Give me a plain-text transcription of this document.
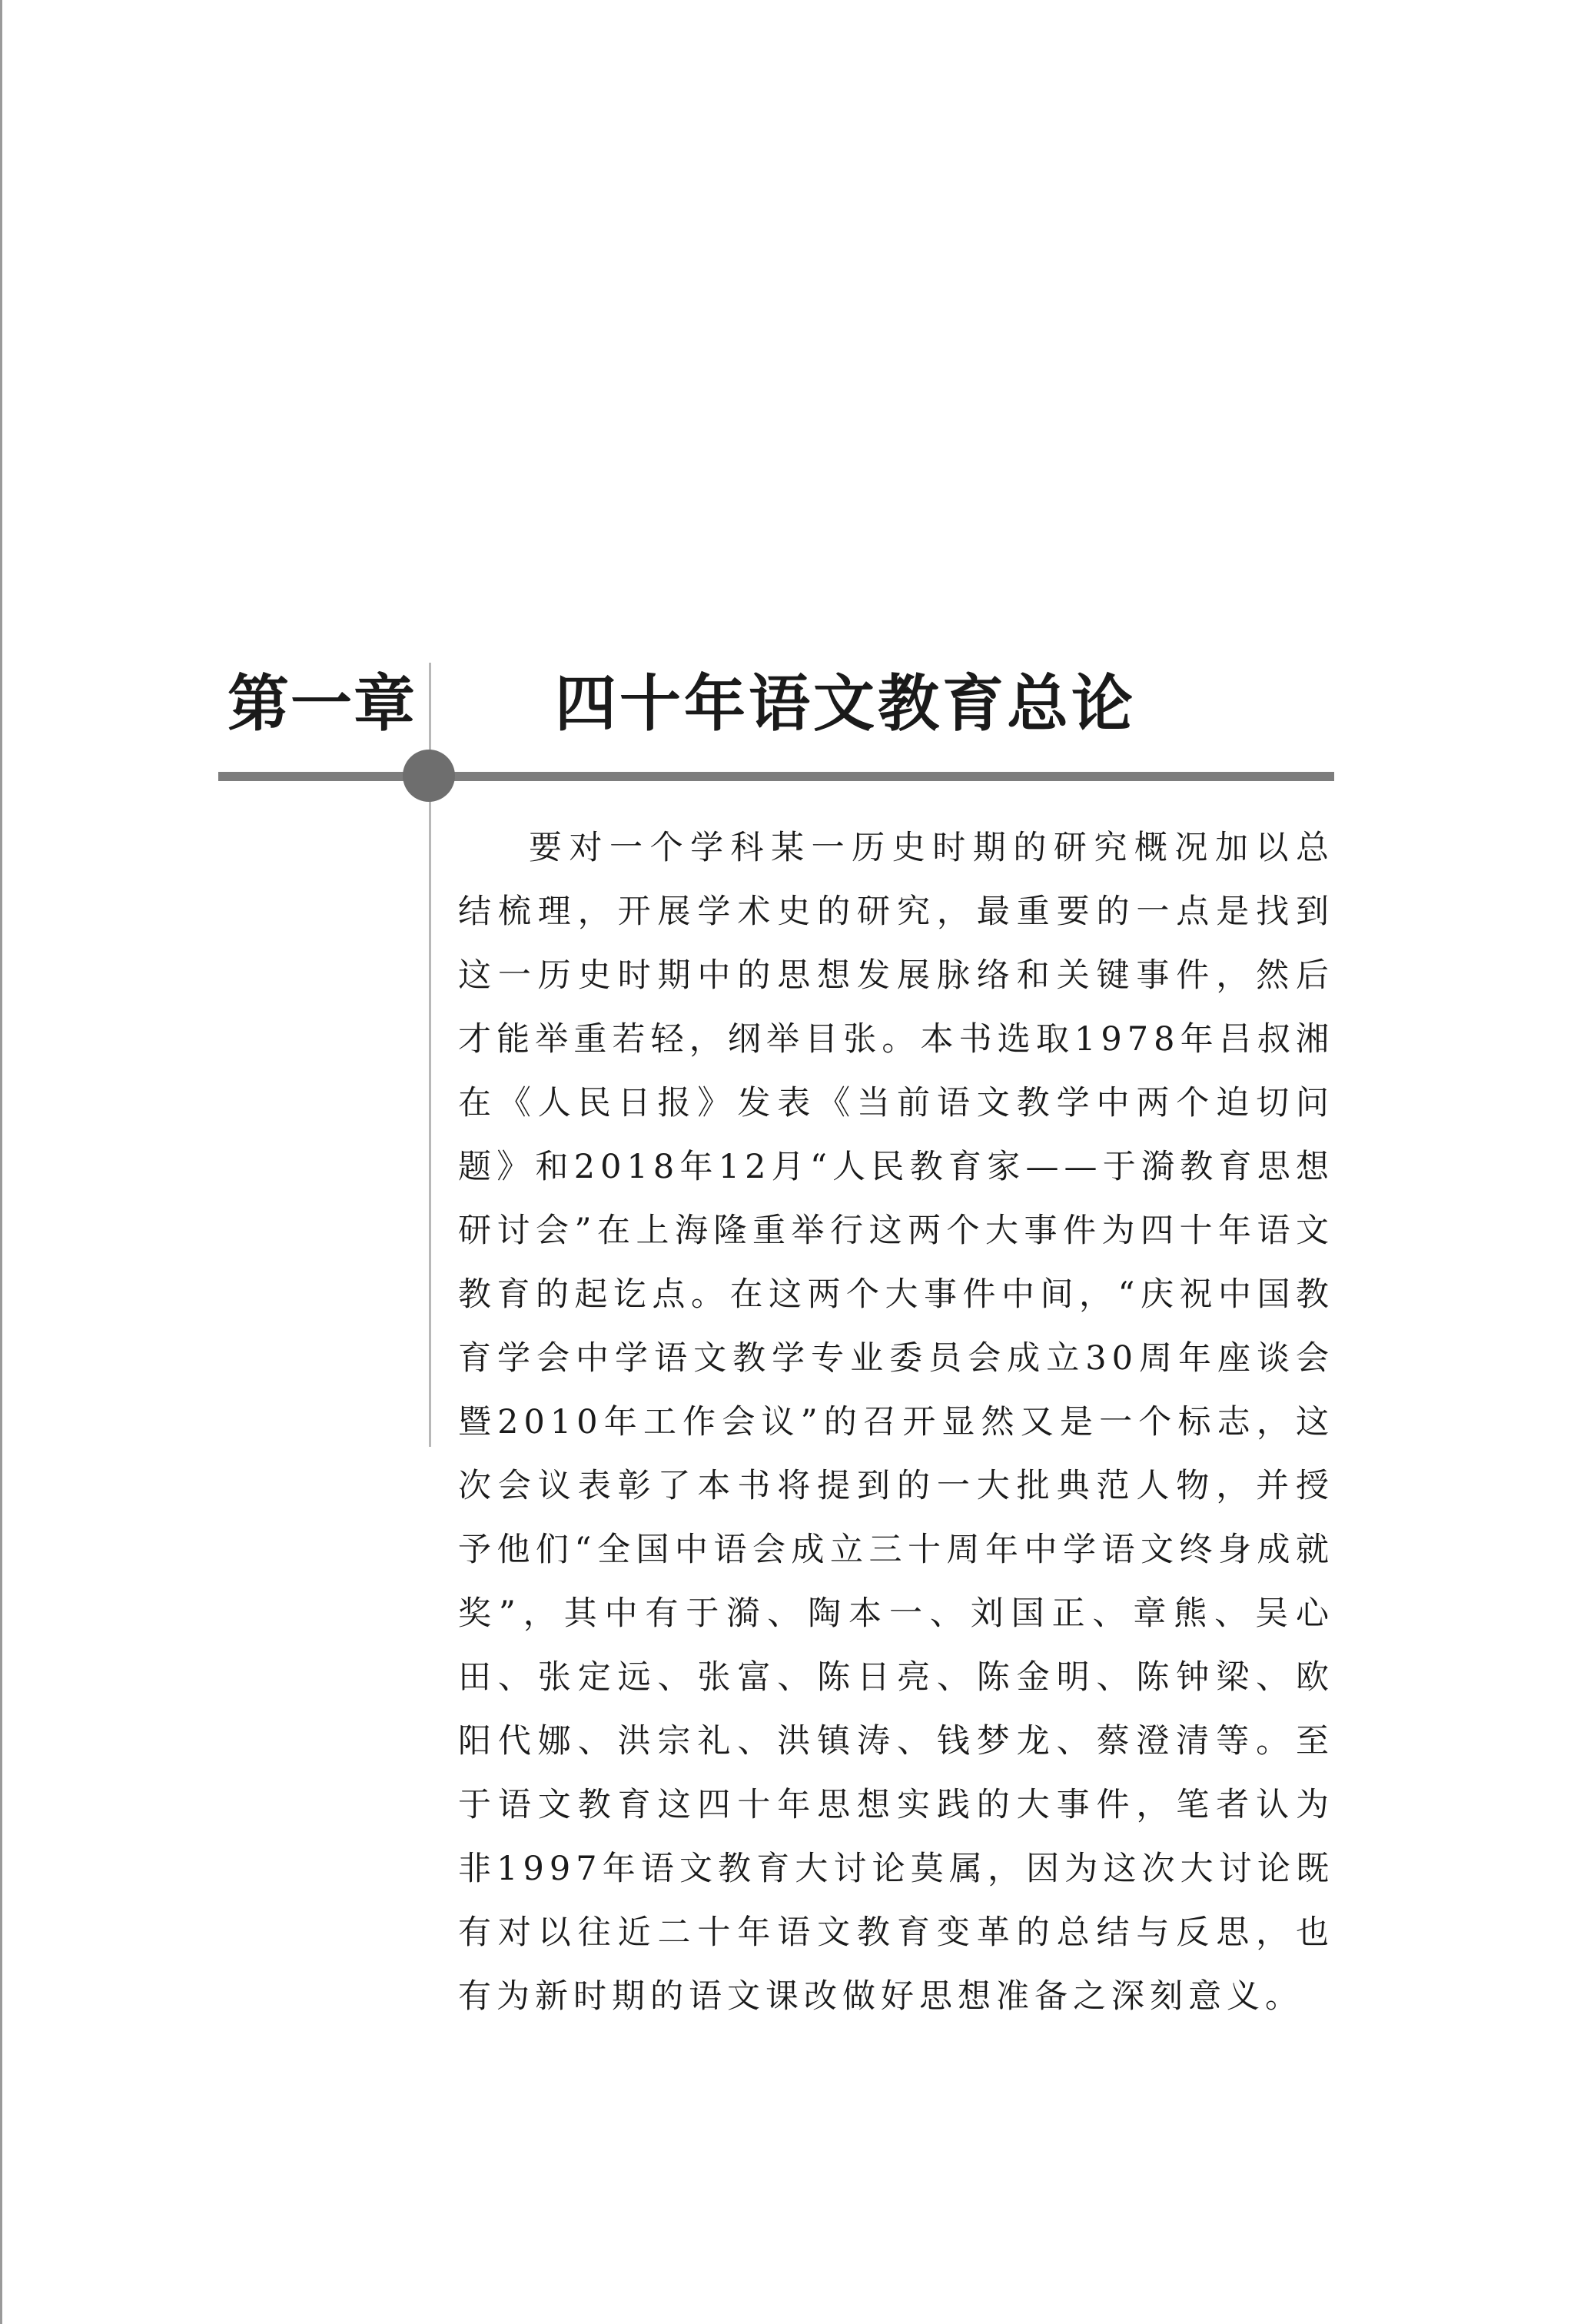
第一章 四十年语文教育总论

要对一个学科某一历史时期的研究概况加以总结梳理，开展学术史的研究，最重要的一点是找到这一历史时期中的思想发展脉络和关键事件，然后才能举重若轻，纲举目张。本书选取1978年吕叔湘在《人民日报》发表《当前语文教学中两个迫切问题》和2018年12月“人民教育家——于漪教育思想研讨会”在上海隆重举行这两个大事件为四十年语文教育的起讫点。在这两个大事件中间，“庆祝中国教育学会中学语文教学专业委员会成立30周年座谈会暨2010年工作会议”的召开显然又是一个标志，这次会议表彰了本书将提到的一大批典范人物，并授予他们“全国中语会成立三十周年中学语文终身成就奖”，其中有于漪、陶本一、刘国正、章熊、吴心田、张定远、张富、陈日亮、陈金明、陈钟梁、欧阳代娜、洪宗礼、洪镇涛、钱梦龙、蔡澄清等。至于语文教育这四十年思想实践的大事件，笔者认为非1997年语文教育大讨论莫属，因为这次大讨论既有对以往近二十年语文教育变革的总结与反思，也有为新时期的语文课改做好思想准备之深刻意义。
